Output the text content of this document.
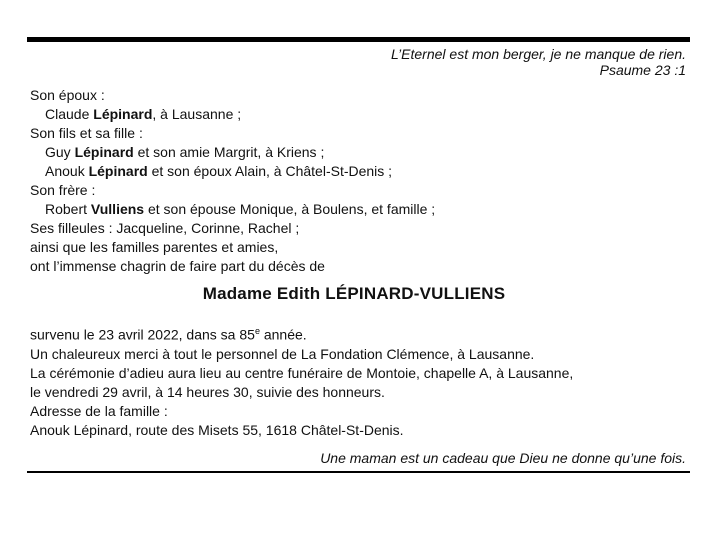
L’Eternel est mon berger, je ne manque de rien.
Psaume 23 :1
Son époux :
Claude Lépinard, à Lausanne ;
Son fils et sa fille :
Guy Lépinard et son amie Margrit, à Kriens ;
Anouk Lépinard et son époux Alain, à Châtel-St-Denis ;
Son frère :
Robert Vulliens et son épouse Monique, à Boulens, et famille ;
Ses filleules : Jacqueline, Corinne, Rachel ;
ainsi que les familles parentes et amies,
ont l’immense chagrin de faire part du décès de
Madame Edith LÉPINARD-VULLIENS
survenu le 23 avril 2022, dans sa 85e année.
Un chaleureux merci à tout le personnel de La Fondation Clémence, à Lausanne.
La cérémonie d’adieu aura lieu au centre funéraire de Montoie, chapelle A, à Lausanne,
le vendredi 29 avril, à 14 heures 30, suivie des honneurs.
Adresse de la famille :
Anouk Lépinard, route des Misets 55, 1618 Châtel-St-Denis.
Une maman est un cadeau que Dieu ne donne qu’une fois.
